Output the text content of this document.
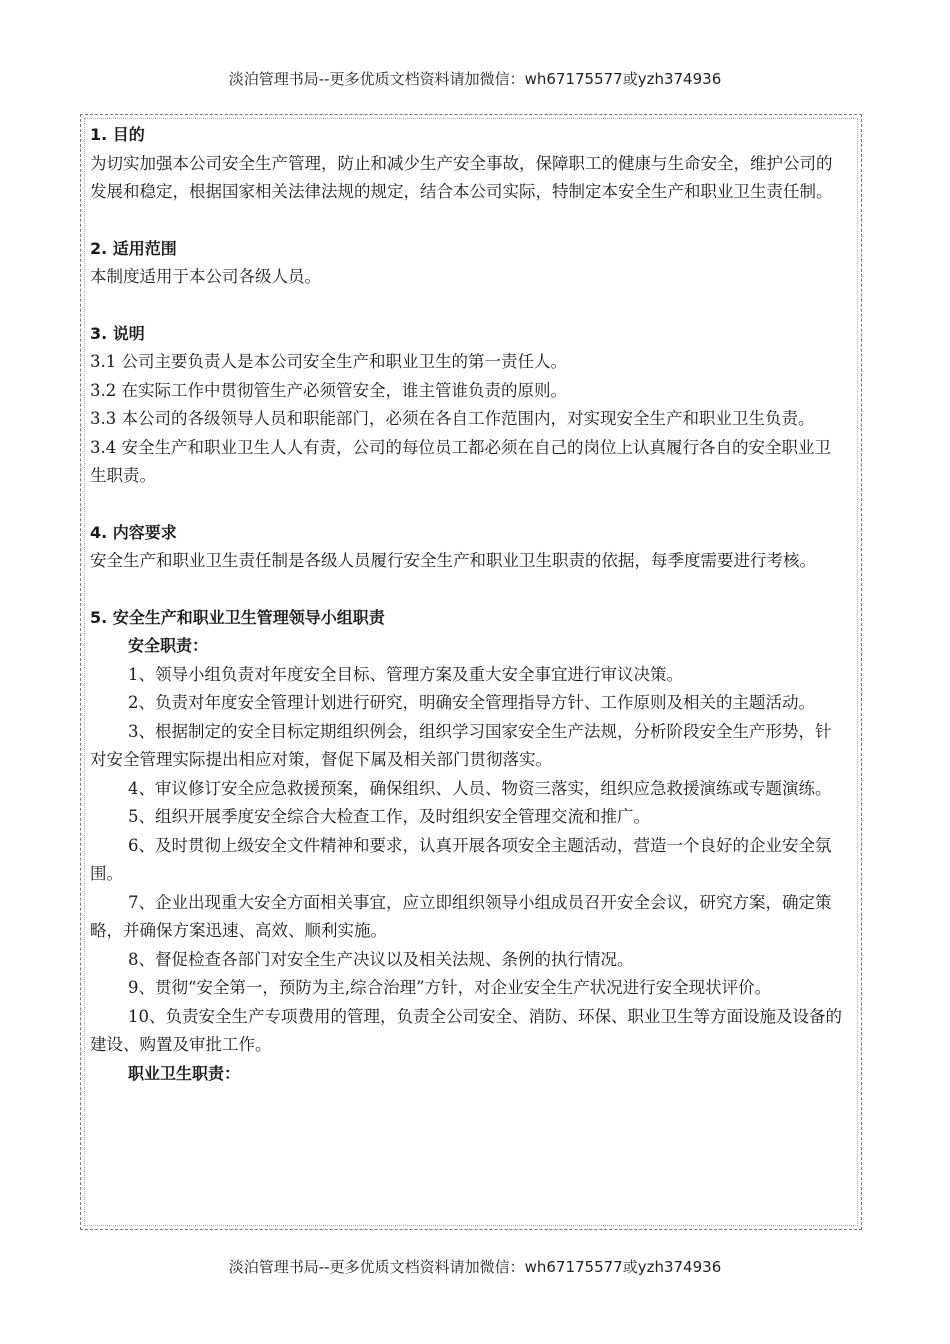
淡泊管理书局--更多优质文档资料请加微信：wh67175577或yzh374936

1. 目的

为切实加强本公司安全生产管理，防止和减少生产安全事故，保障职工的健康与生命安全，维护公司的发展和稳定，根据国家相关法律法规的规定，结合本公司实际，特制定本安全生产和职业卫生责任制。

2. 适用范围

本制度适用于本公司各级人员。

3. 说明

3.1 公司主要负责人是本公司安全生产和职业卫生的第一责任人。

3.2 在实际工作中贯彻管生产必须管安全，谁主管谁负责的原则。

3.3 本公司的各级领导人员和职能部门，必须在各自工作范围内，对实现安全生产和职业卫生负责。

3.4 安全生产和职业卫生人人有责，公司的每位员工都必须在自己的岗位上认真履行各自的安全职业卫生职责。

4. 内容要求

安全生产和职业卫生责任制是各级人员履行安全生产和职业卫生职责的依据，每季度需要进行考核。

5. 安全生产和职业卫生管理领导小组职责

安全职责：

1、领导小组负责对年度安全目标、管理方案及重大安全事宜进行审议决策。

2、负责对年度安全管理计划进行研究，明确安全管理指导方针、工作原则及相关的主题活动。

3、根据制定的安全目标定期组织例会，组织学习国家安全生产法规，分析阶段安全生产形势，针对安全管理实际提出相应对策，督促下属及相关部门贯彻落实。

4、审议修订安全应急救援预案，确保组织、人员、物资三落实，组织应急救援演练或专题演练。

5、组织开展季度安全综合大检查工作，及时组织安全管理交流和推广。

6、及时贯彻上级安全文件精神和要求，认真开展各项安全主题活动，营造一个良好的企业安全氛围。

7、企业出现重大安全方面相关事宜，应立即组织领导小组成员召开安全会议，研究方案，确定策略，并确保方案迅速、高效、顺利实施。

8、督促检查各部门对安全生产决议以及相关法规、条例的执行情况。

9、贯彻“安全第一，预防为主,综合治理”方针，对企业安全生产状况进行安全现状评价。

10、负责安全生产专项费用的管理，负责全公司安全、消防、环保、职业卫生等方面设施及设备的建设、购置及审批工作。

职业卫生职责：

淡泊管理书局--更多优质文档资料请加微信：wh67175577或yzh374936
